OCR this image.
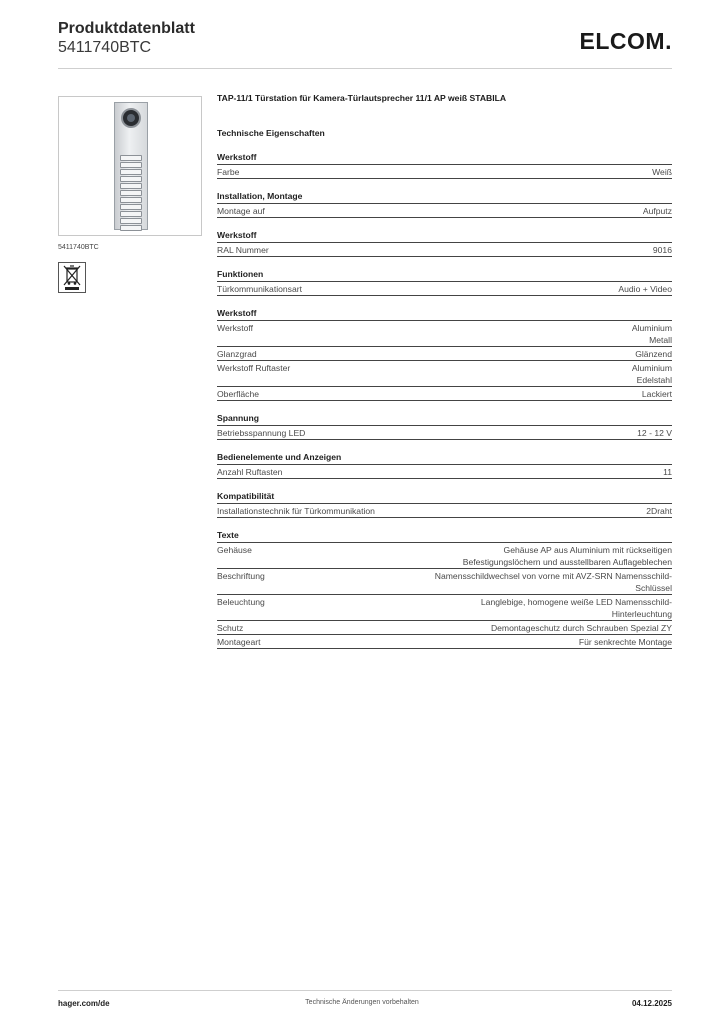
Produktdatenblatt
5411740BTC	ELCOM.
5411740BTC
TAP-11/1 Türstation für Kamera-Türlautsprecher 11/1 AP weiß STABILA
Technische Eigenschaften
Werkstoff
Farbe	Weiß
Installation, Montage
Montage auf	Aufputz
Werkstoff
RAL Nummer	9016
Funktionen
Türkommunikationsart	Audio + Video
Werkstoff
Werkstoff	Aluminium
Metall
Glanzgrad	Glänzend
Werkstoff Ruftaster	Aluminium
Edelstahl
Oberfläche	Lackiert
Spannung
Betriebsspannung LED	12 - 12 V
Bedienelemente und Anzeigen
Anzahl Ruftasten	11
Kompatibilität
Installationstechnik für Türkommunikation	2Draht
Texte
Gehäuse	Gehäuse AP aus Aluminium mit rückseitigen
Befestigungslöchern und ausstellbaren Auflageblechen
Beschriftung	Namensschildwechsel von vorne mit AVZ-SRN Namensschild-
Schlüssel
Beleuchtung	Langlebige, homogene weiße LED Namensschild-
Hinterleuchtung
Schutz	Demontageschutz durch Schrauben Spezial ZY
Montageart	Für senkrechte Montage
hager.com/de	Technische Änderungen vorbehalten	04.12.2025
